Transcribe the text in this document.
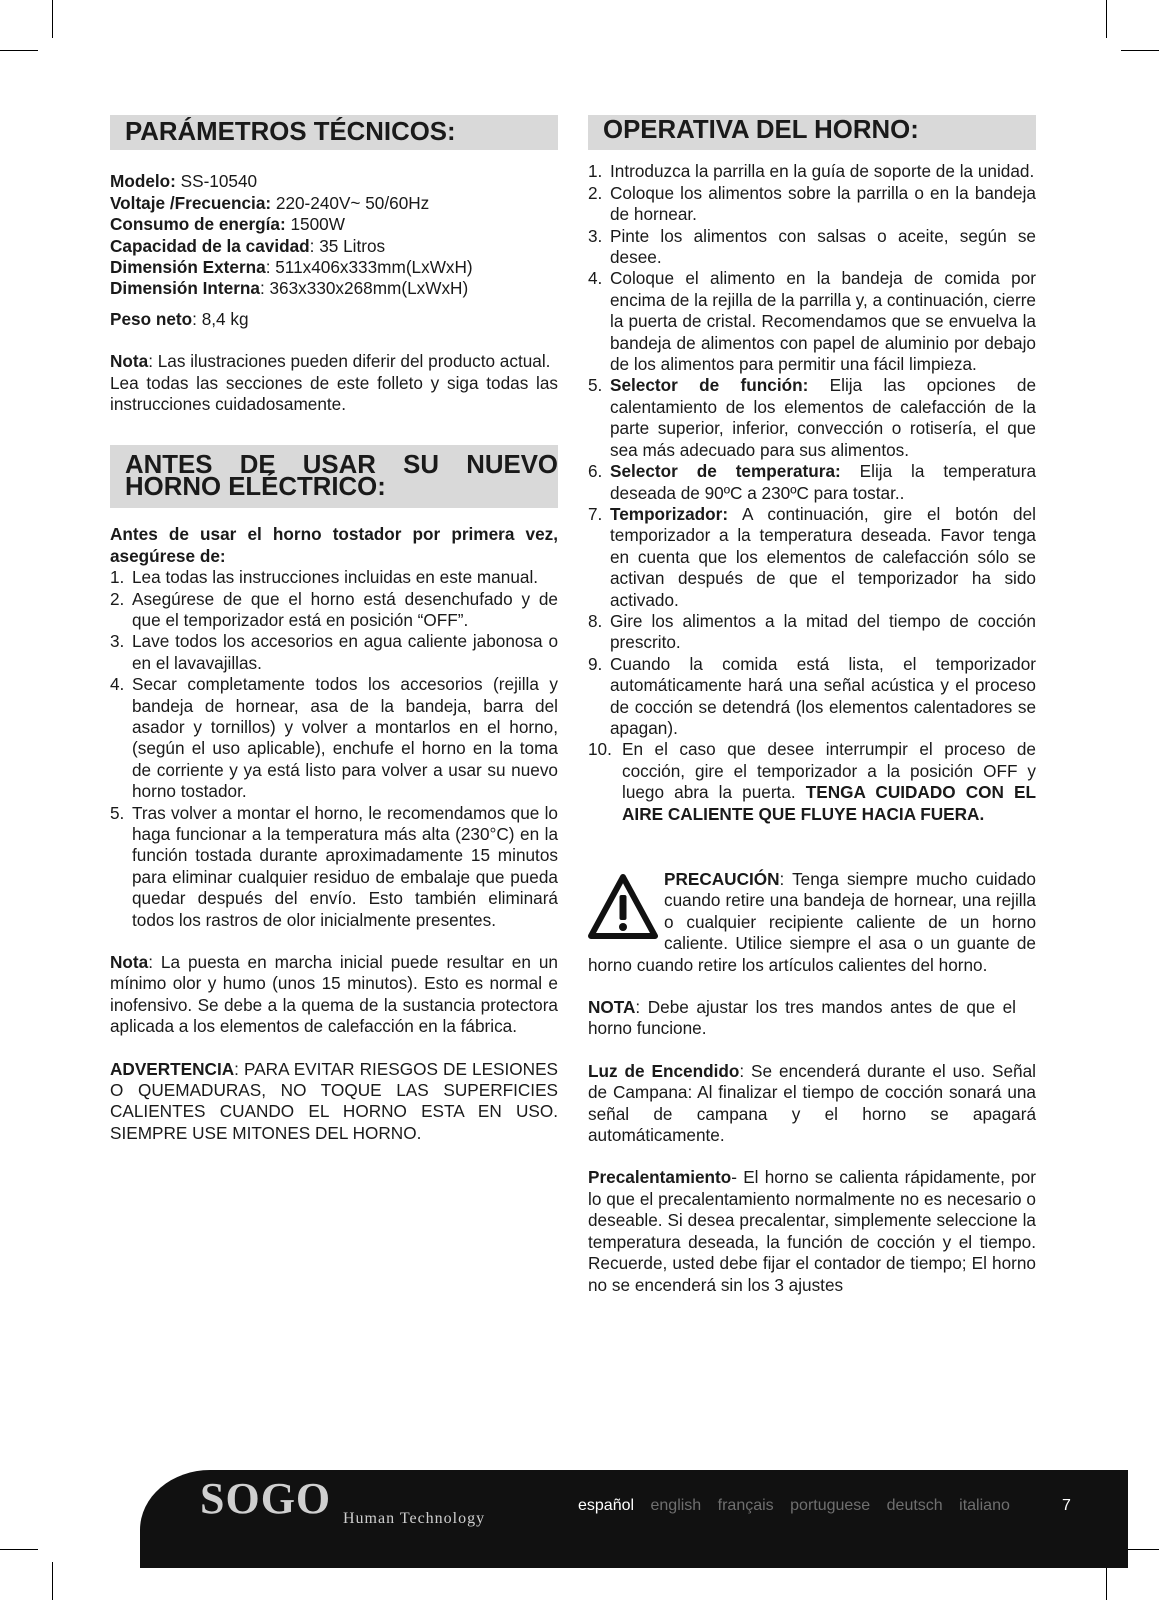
PARÁMETROS TÉCNICOS:
Modelo: SS-10540
Voltaje /Frecuencia: 220-240V~ 50/60Hz
Consumo de energía: 1500W
Capacidad de la cavidad: 35 Litros
Dimensión Externa: 511x406x333mm(LxWxH)
Dimensión Interna: 363x330x268mm(LxWxH)

Peso neto: 8,4 kg

Nota: Las ilustraciones pueden diferir del producto actual.

Lea todas las secciones de este folleto y siga todas las instrucciones cuidadosamente.

ANTES DE USAR SU NUEVO HORNO ELÉCTRICO:

Antes de usar el horno tostador por primera vez, asegúrese de:

1. Lea todas las instrucciones incluidas en este manual.
2. Asegúrese de que el horno está desenchufado y de que el temporizador está en posición “OFF”.
3. Lave todos los accesorios en agua caliente jabonosa o en el lavavajillas.
4. Secar completamente todos los accesorios (rejilla y bandeja de hornear, asa de la bandeja, barra del asador y tornillos) y volver a montarlos en el horno, (según el uso aplicable), enchufe el horno en la toma de corriente y ya está listo para volver a usar su nuevo horno tostador.
5. Tras volver a montar el horno, le recomendamos que lo haga funcionar a la temperatura más alta (230°C) en la función tostada durante aproximadamente 15 minutos para eliminar cualquier residuo de embalaje que pueda quedar después del envío. Esto también eliminará todos los rastros de olor inicialmente presentes.

Nota: La puesta en marcha inicial puede resultar en un mínimo olor y humo (unos 15 minutos). Esto es normal e inofensivo. Se debe a la quema de la sustancia protectora aplicada a los elementos de calefacción en la fábrica.

ADVERTENCIA: PARA EVITAR RIESGOS DE LESIONES O QUEMADURAS, NO TOQUE LAS SUPERFICIES CALIENTES CUANDO EL HORNO ESTA EN USO. SIEMPRE USE MITONES DEL HORNO.

OPERATIVA DEL HORNO:
1. Introduzca la parrilla en la guía de soporte de la unidad.
2. Coloque los alimentos sobre la parrilla o en la bandeja de hornear.
3. Pinte los alimentos con salsas o aceite, según se desee.
4. Coloque el alimento en la bandeja de comida por encima de la rejilla de la parrilla y, a continuación, cierre la puerta de cristal. Recomendamos que se envuelva la bandeja de alimentos con papel de aluminio por debajo de los alimentos para permitir una fácil limpieza.
5. Selector de función: Elija las opciones de calentamiento de los elementos de calefacción de la parte superior, inferior, convección o rotisería, el que sea más adecuado para sus alimentos.
6. Selector de temperatura: Elija la temperatura deseada de 90ºC a 230ºC para tostar..
7. Temporizador: A continuación, gire el botón del temporizador a la temperatura deseada. Favor tenga en cuenta que los elementos de calefacción sólo se activan después de que el temporizador ha sido activado.
8. Gire los alimentos a la mitad del tiempo de cocción prescrito.
9. Cuando la comida está lista, el temporizador automáticamente hará una señal acústica y el proceso de cocción se detendrá (los elementos calentadores se apagan).
10. En el caso que desee interrumpir el proceso de cocción, gire el temporizador a la posición OFF y luego abra la puerta. TENGA CUIDADO CON EL AIRE CALIENTE QUE FLUYE HACIA FUERA.

PRECAUCIÓN: Tenga siempre mucho cuidado cuando retire una bandeja de hornear, una rejilla o cualquier recipiente caliente de un horno caliente. Utilice siempre el asa o un guante de horno cuando retire los artículos calientes del horno.

NOTA: Debe ajustar los tres mandos antes de que el horno funcione.

Luz de Encendido: Se encenderá durante el uso. Señal de Campana: Al finalizar el tiempo de cocción sonará una señal de campana y el horno se apagará automáticamente.

Precalentamiento- El horno se calienta rápidamente, por lo que el precalentamiento normalmente no es necesario o deseable. Si desea precalentar, simplemente seleccione la temperatura deseada, la función de cocción y el tiempo. Recuerde, usted debe fijar el contador de tiempo; El horno no se encenderá sin los 3 ajustes

SOGO Human Technology
español english français portuguese deutsch italiano	7
